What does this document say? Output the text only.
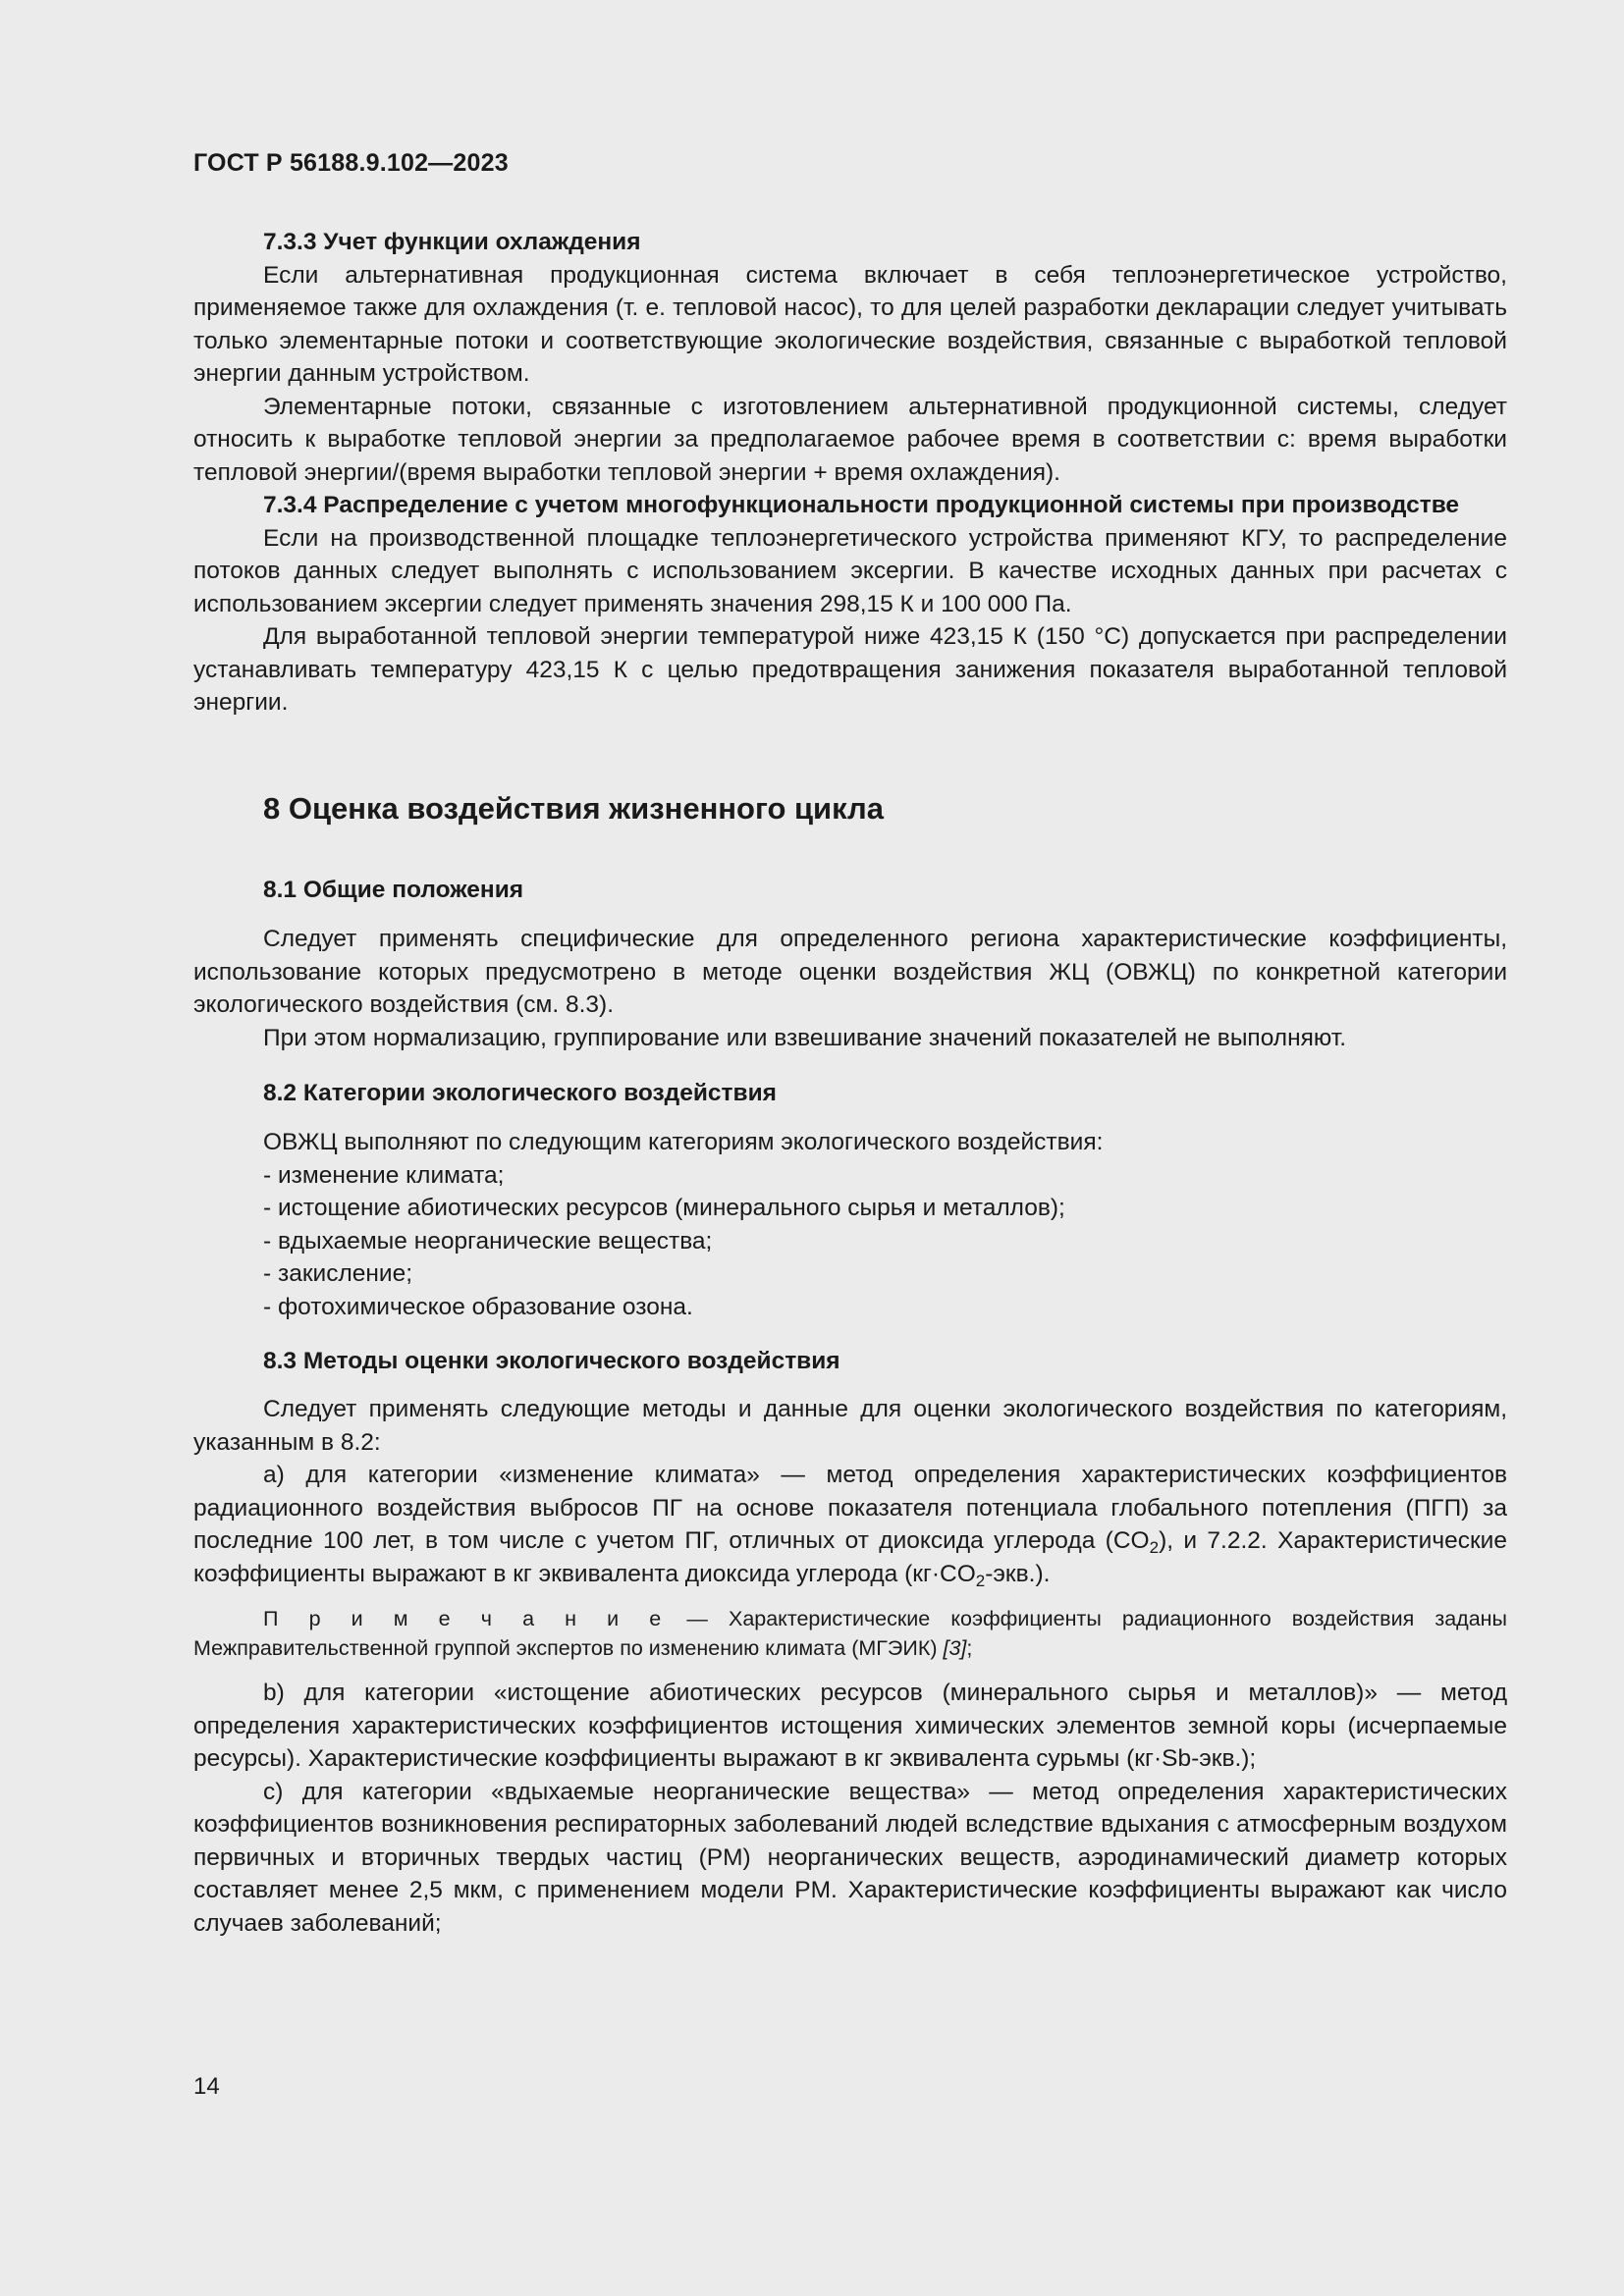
ГОСТ Р 56188.9.102—2023

7.3.3 Учет функции охлаждения

Если альтернативная продукционная система включает в себя теплоэнергетическое устройство, применяемое также для охлаждения (т. е. тепловой насос), то для целей разработки декларации следует учитывать только элементарные потоки и соответствующие экологические воздействия, связанные с выработкой тепловой энергии данным устройством.

Элементарные потоки, связанные с изготовлением альтернативной продукционной системы, следует относить к выработке тепловой энергии за предполагаемое рабочее время в соответствии с: время выработки тепловой энергии/(время выработки тепловой энергии + время охлаждения).

7.3.4 Распределение с учетом многофункциональности продукционной системы при производстве

Если на производственной площадке теплоэнергетического устройства применяют КГУ, то распределение потоков данных следует выполнять с использованием эксергии. В качестве исходных данных при расчетах с использованием эксергии следует применять значения 298,15 К и 100 000 Па.

Для выработанной тепловой энергии температурой ниже 423,15 К (150 °С) допускается при распределении устанавливать температуру 423,15 К с целью предотвращения занижения показателя выработанной тепловой энергии.

8 Оценка воздействия жизненного цикла

8.1 Общие положения

Следует применять специфические для определенного региона характеристические коэффициенты, использование которых предусмотрено в методе оценки воздействия ЖЦ (ОВЖЦ) по конкретной категории экологического воздействия (см. 8.3).

При этом нормализацию, группирование или взвешивание значений показателей не выполняют.

8.2 Категории экологического воздействия

ОВЖЦ выполняют по следующим категориям экологического воздействия:

- изменение климата;

- истощение абиотических ресурсов (минерального сырья и металлов);

- вдыхаемые неорганические вещества;

- закисление;

- фотохимическое образование озона.

8.3 Методы оценки экологического воздействия

Следует применять следующие методы и данные для оценки экологического воздействия по категориям, указанным в 8.2:

а) для категории «изменение климата» — метод определения характеристических коэффициентов радиационного воздействия выбросов ПГ на основе показателя потенциала глобального потепления (ПГП) за последние 100 лет, в том числе с учетом ПГ, отличных от диоксида углерода $(CO_2)$, и 7.2.2. Характеристические коэффициенты выражают в кг эквивалента диоксида углерода $(кг\cdot CO_2-экв.)$.

П р и м е ч а н и е — Характеристические коэффициенты радиационного воздействия заданы Межправительственной группой экспертов по изменению климата (МГЭИК) [3];

b) для категории «истощение абиотических ресурсов (минерального сырья и металлов)» — метод определения характеристических коэффициентов истощения химических элементов земной коры (исчерпаемые ресурсы). Характеристические коэффициенты выражают в кг эквивалента сурьмы (кг·Sb-экв.);

с) для категории «вдыхаемые неорганические вещества» — метод определения характеристических коэффициентов возникновения респираторных заболеваний людей вследствие вдыхания с атмосферным воздухом первичных и вторичных твердых частиц (PM) неорганических веществ, аэродинамический диаметр которых составляет менее 2,5 мкм, с применением модели PM. Характеристические коэффициенты выражают как число случаев заболеваний;

14
